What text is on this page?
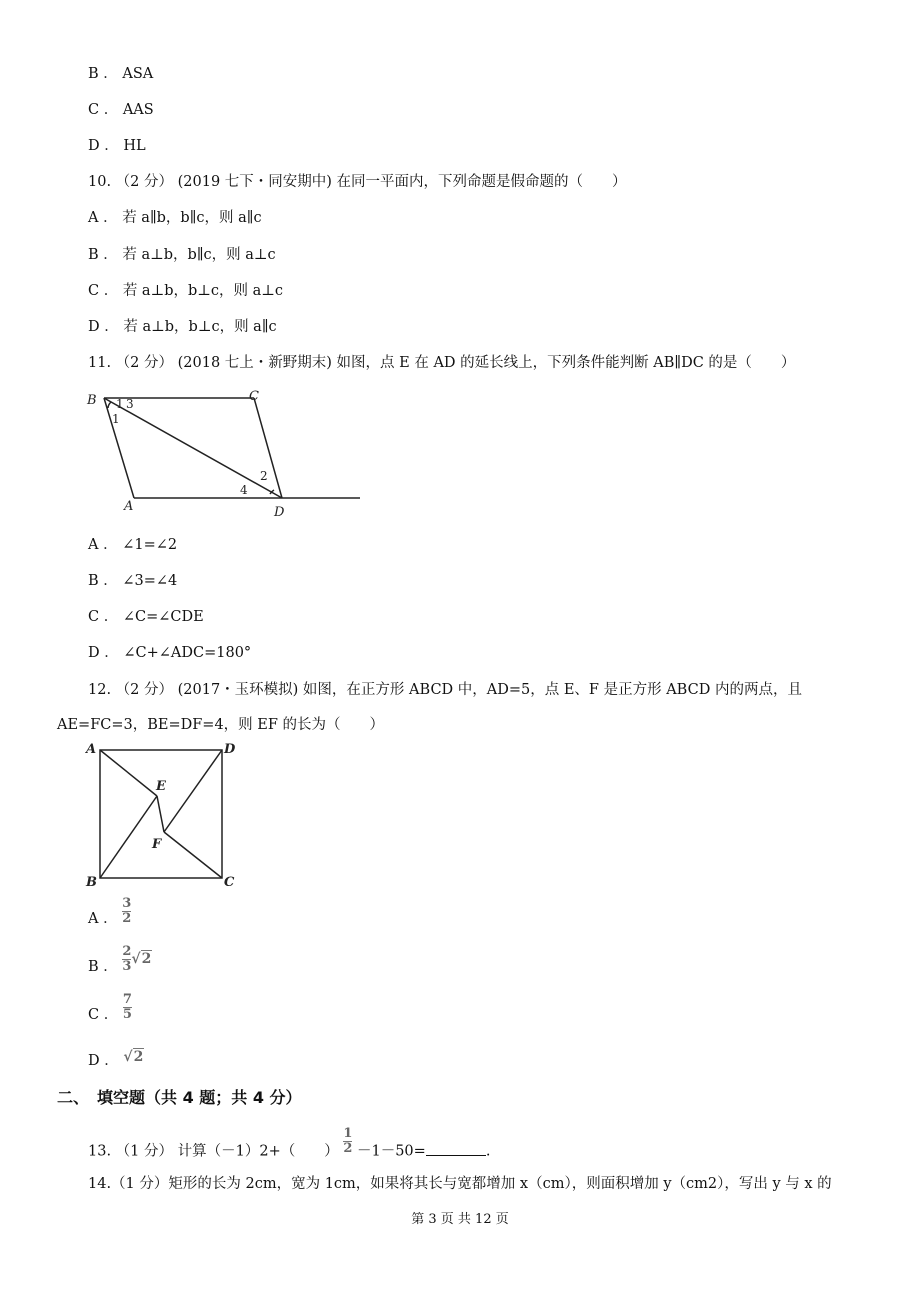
B ． ASA
C ． AAS
D ． HL
10. （2 分） (2019 七下・同安期中) 在同一平面内，下列命题是假命题的（　　）
A ． 若 a∥b，b∥c，则 a∥c
B ． 若 a⊥b，b∥c，则 a⊥c
C ． 若 a⊥b，b⊥c，则 a⊥c
D ． 若 a⊥b，b⊥c，则 a∥c
11. （2 分） (2018 七上・新野期末) 如图，点 E 在 AD 的延长线上，下列条件能判断 AB∥DC 的是（　　）
B	C
A	D
1 3
1
2
4
A ． ∠1=∠2
B ． ∠3=∠4
C ． ∠C=∠CDE
D ． ∠C+∠ADC=180°
12. （2 分） (2017・玉环模拟) 如图，在正方形 ABCD 中，AD=5，点 E、F 是正方形 ABCD 内的两点，且
AE=FC=3，BE=DF=4，则 EF 的长为（　　）
A	D
B	C
E
F
A ． $\frac{3}{2}$
B ． $\frac{2}{3}√2$
C ． $\frac{7}{5}$
D ． √2
二、　填空题（共 4 题；共 4 分）
13. （1 分） 计算（－1）2+（　　） $\frac{1}{2} -1-50=$	.
14.（1 分）矩形的长为 2cm，宽为 1cm，如果将其长与宽都增加 x（cm），则面积增加 y（cm2），写出 y 与 x 的
第 3 页 共 12 页
